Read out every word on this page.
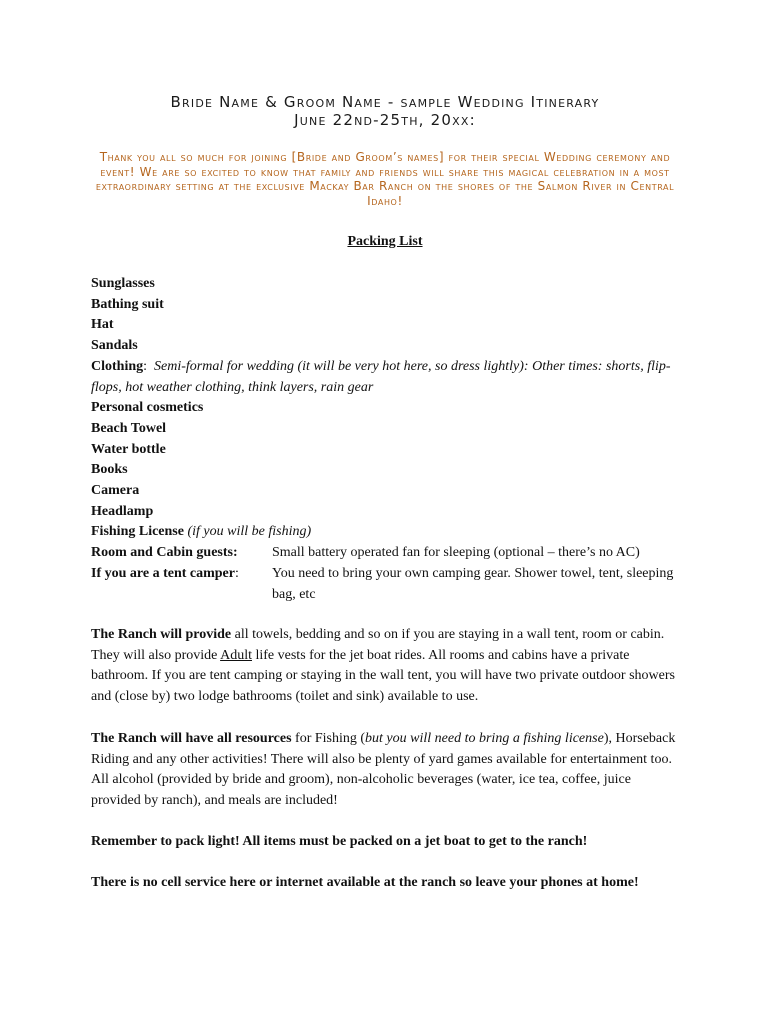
Bride Name & Groom Name - sample Wedding Itinerary
June 22nd-25th, 20xx:
Thank you all so much for joining [Bride and Groom’s names] for their special Wedding ceremony and event! We are so excited to know that family and friends will share this magical celebration in a most extraordinary setting at the exclusive Mackay Bar Ranch on the shores of the Salmon River in Central Idaho!
Packing List
Sunglasses
Bathing suit
Hat
Sandals
Clothing: Semi-formal for wedding (it will be very hot here, so dress lightly): Other times: shorts, flip-flops, hot weather clothing, think layers, rain gear
Personal cosmetics
Beach Towel
Water bottle
Books
Camera
Headlamp
Fishing License (if you will be fishing)
Room and Cabin guests:	Small battery operated fan for sleeping (optional – there’s no AC)
If you are a tent camper:	You need to bring your own camping gear. Shower towel, tent, sleeping bag, etc
The Ranch will provide all towels, bedding and so on if you are staying in a wall tent, room or cabin. They will also provide Adult life vests for the jet boat rides. All rooms and cabins have a private bathroom. If you are tent camping or staying in the wall tent, you will have two private outdoor showers and (close by) two lodge bathrooms (toilet and sink) available to use.
The Ranch will have all resources for Fishing (but you will need to bring a fishing license), Horseback Riding and any other activities! There will also be plenty of yard games available for entertainment too. All alcohol (provided by bride and groom), non-alcoholic beverages (water, ice tea, coffee, juice provided by ranch), and meals are included!
Remember to pack light! All items must be packed on a jet boat to get to the ranch!
There is no cell service here or internet available at the ranch so leave your phones at home!
